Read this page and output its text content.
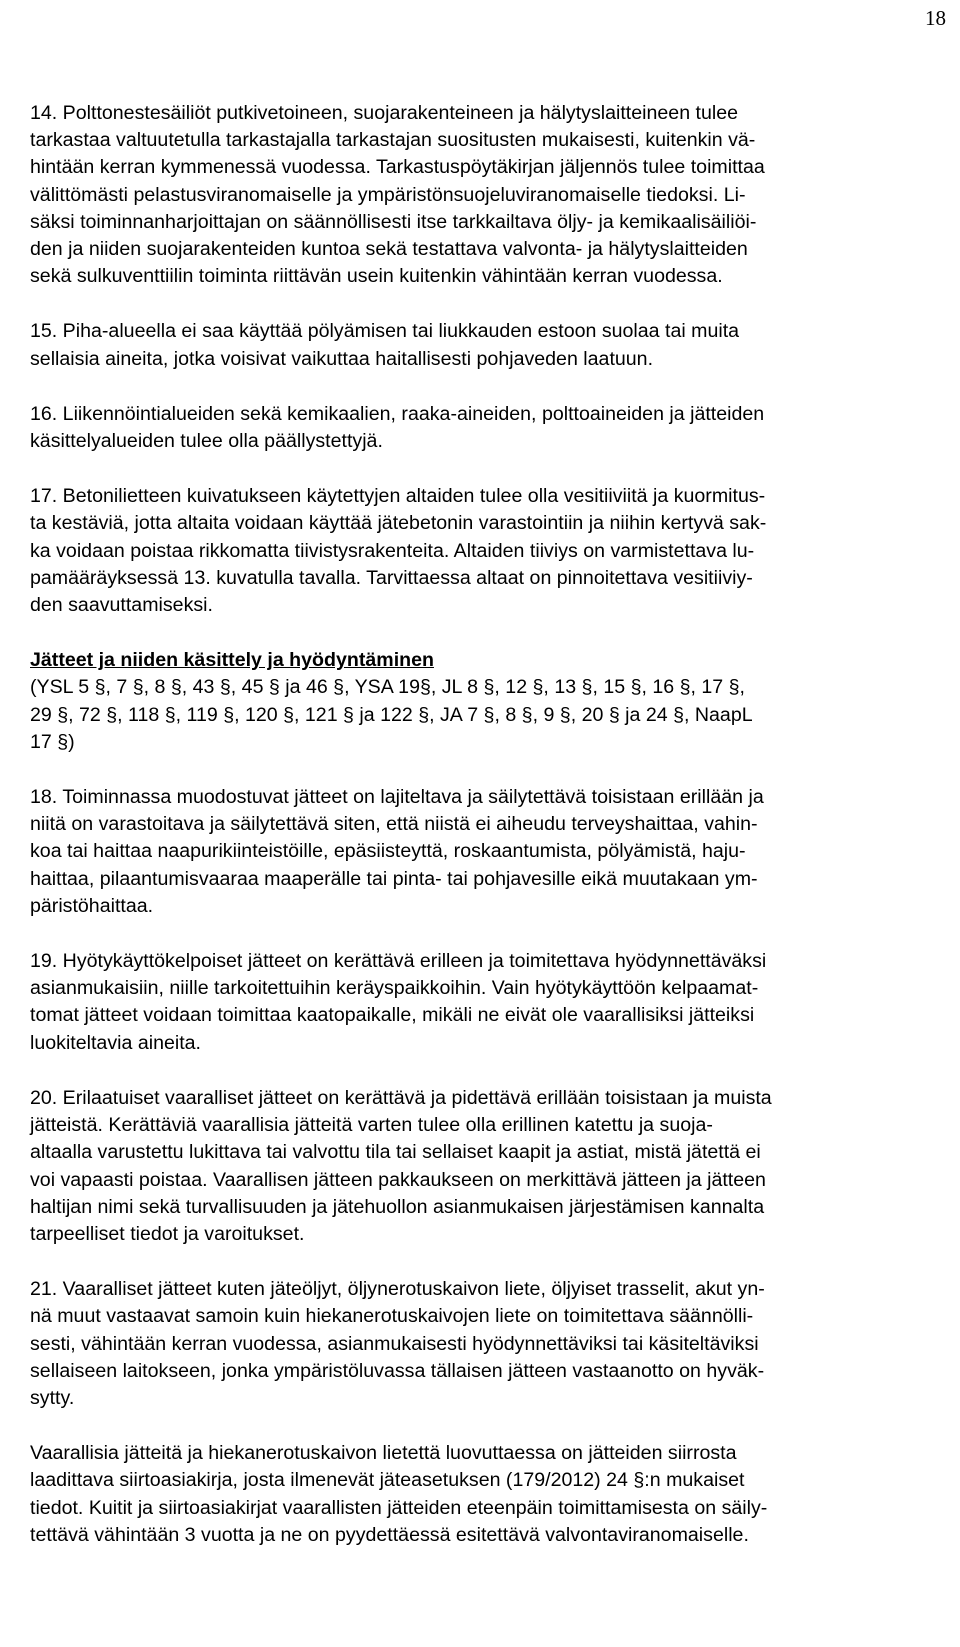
18

14. Polttonestesäiliöt putkivetoineen, suojarakenteineen ja hälytyslaitteineen tulee
tarkastaa valtuutetulla tarkastajalla tarkastajan suositusten mukaisesti, kuitenkin vä-
hintään kerran kymmenessä vuodessa. Tarkastuspöytäkirjan jäljennös tulee toimittaa
välittömästi pelastusviranomaiselle ja ympäristönsuojeluviranomaiselle tiedoksi. Li-
säksi toiminnanharjoittajan on säännöllisesti itse tarkkailtava öljy- ja kemikaalisäiliöi-
den ja niiden suojarakenteiden kuntoa sekä testattava valvonta- ja hälytyslaitteiden
sekä sulkuventtiilin toiminta riittävän usein kuitenkin vähintään kerran vuodessa.

15. Piha-alueella ei saa käyttää pölyämisen tai liukkauden estoon suolaa tai muita
sellaisia aineita, jotka voisivat vaikuttaa haitallisesti pohjaveden laatuun.

16. Liikennöintialueiden sekä kemikaalien, raaka-aineiden, polttoaineiden ja jätteiden
käsittelyalueiden tulee olla päällystettyjä.

17. Betonilietteen kuivatukseen käytettyjen altaiden tulee olla vesitiiviitä ja kuormitus-
ta kestäviä, jotta altaita voidaan käyttää jätebetonin varastointiin ja niihin kertyvä sak-
ka voidaan poistaa rikkomatta tiivistysrakenteita. Altaiden tiiviys on varmistettava lu-
pamääräyksessä 13. kuvatulla tavalla. Tarvittaessa altaat on pinnoitettava vesitiiviy-
den saavuttamiseksi.

Jätteet ja niiden käsittely ja hyödyntäminen

(YSL 5 §, 7 §, 8 §, 43 §, 45 § ja 46 §, YSA 19§, JL 8 §, 12 §, 13 §, 15 §, 16 §, 17 §,
29 §, 72 §, 118 §, 119 §, 120 §, 121 § ja 122 §, JA 7 §, 8 §, 9 §, 20 § ja 24 §, NaapL
17 §)

18. Toiminnassa muodostuvat jätteet on lajiteltava ja säilytettävä toisistaan erillään ja
niitä on varastoitava ja säilytettävä siten, että niistä ei aiheudu terveyshaittaa, vahin-
koa tai haittaa naapurikiinteistöille, epäsiisteyttä, roskaantumista, pölyämistä, haju-
haittaa, pilaantumisvaaraa maaperälle tai pinta- tai pohjavesille eikä muutakaan ym-
päristöhaittaa.

19. Hyötykäyttökelpoiset jätteet on kerättävä erilleen ja toimitettava hyödynnettäväksi
asianmukaisiin, niille tarkoitettuihin keräyspaikkoihin. Vain hyötykäyttöön kelpaamat-
tomat jätteet voidaan toimittaa kaatopaikalle, mikäli ne eivät ole vaarallisiksi jätteiksi
luokiteltavia aineita.

20. Erilaatuiset vaaralliset jätteet on kerättävä ja pidettävä erillään toisistaan ja muista
jätteistä. Kerättäviä vaarallisia jätteitä varten tulee olla erillinen katettu ja suoja-
altaalla varustettu lukittava tai valvottu tila tai sellaiset kaapit ja astiat, mistä jätettä ei
voi vapaasti poistaa. Vaarallisen jätteen pakkaukseen on merkittävä jätteen ja jätteen
haltijan nimi sekä turvallisuuden ja jätehuollon asianmukaisen järjestämisen kannalta
tarpeelliset tiedot ja varoitukset.

21. Vaaralliset jätteet kuten jäteöljyt, öljynerotuskaivon liete, öljyiset trasselit, akut yn-
nä muut vastaavat samoin kuin hiekanerotuskaivojen liete on toimitettava säännölli-
sesti, vähintään kerran vuodessa, asianmukaisesti hyödynnettäviksi tai käsiteltäviksi
sellaiseen laitokseen, jonka ympäristöluvassa tällaisen jätteen vastaanotto on hyväk-
sytty.

Vaarallisia jätteitä ja hiekanerotuskaivon lietettä luovuttaessa on jätteiden siirrosta
laadittava siirtoasiakirja, josta ilmenevät jäteasetuksen (179/2012) 24 §:n mukaiset
tiedot. Kuitit ja siirtoasiakirjat vaarallisten jätteiden eteenpäin toimittamisesta on säily-
tettävä vähintään 3 vuotta ja ne on pyydettäessä esitettävä valvontaviranomaiselle.
